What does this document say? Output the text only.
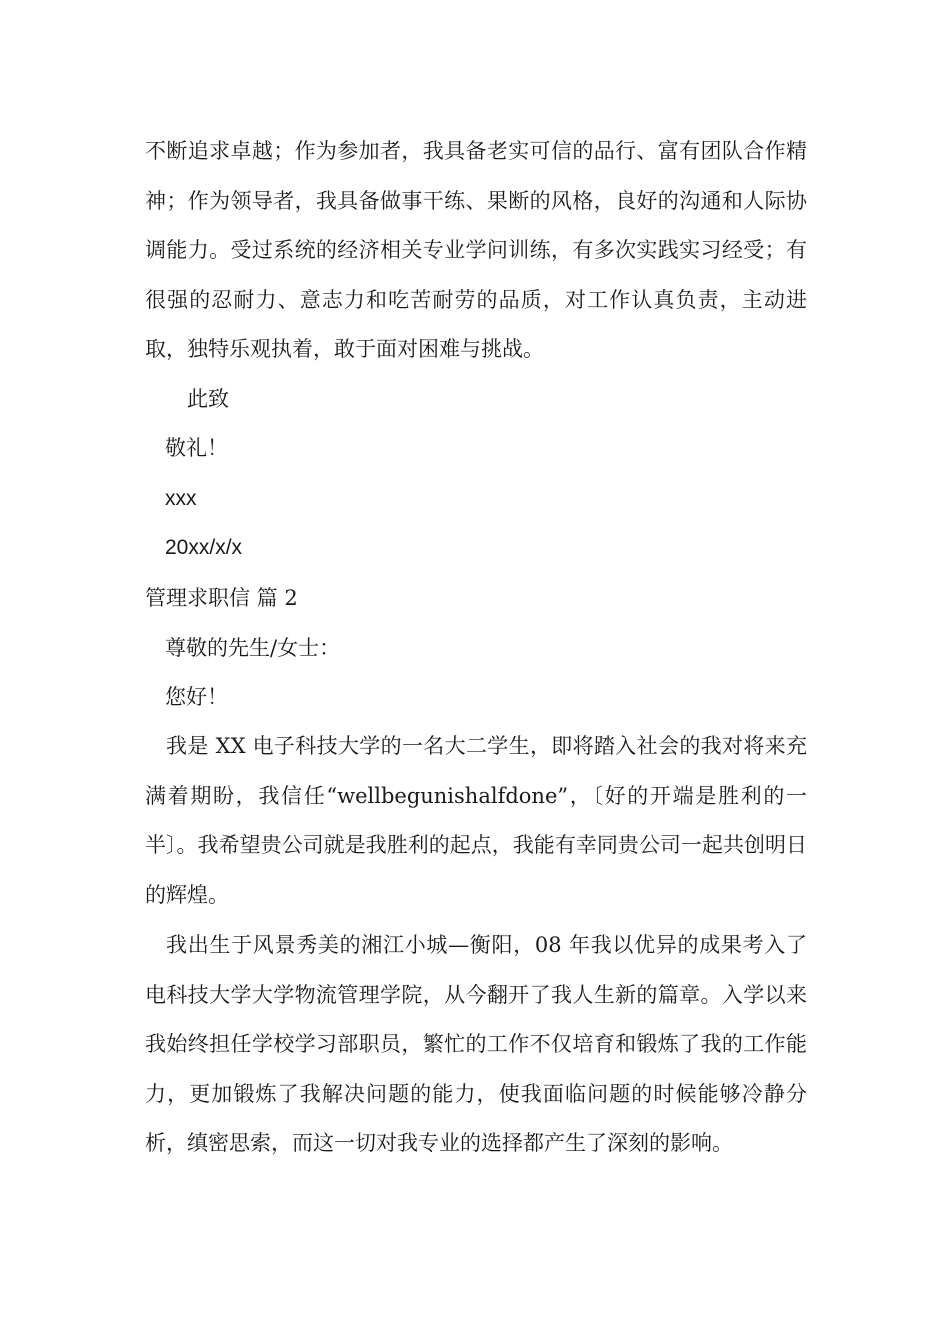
不断追求卓越；作为参加者，我具备老实可信的品行、富有团队合作精神；作为领导者，我具备做事干练、果断的风格，良好的沟通和人际协调能力。受过系统的经济相关专业学问训练，有多次实践实习经受；有很强的忍耐力、意志力和吃苦耐劳的品质，对工作认真负责，主动进取，独特乐观执着，敢于面对困难与挑战。

此致

敬礼！

xxx

20xx/x/x

管理求职信 篇 2

尊敬的先生/女士：

您好！

我是 XX 电子科技大学的一名大二学生，即将踏入社会的我对将来充满着期盼，我信任“wellbegunishalfdone”，〔好的开端是胜利的一半〕。我希望贵公司就是我胜利的起点，我能有幸同贵公司一起共创明日的辉煌。

我出生于风景秀美的湘江小城—衡阳，08 年我以优异的成果考入了电科技大学大学物流管理学院，从今翻开了我人生新的篇章。入学以来我始终担任学校学习部职员，繁忙的工作不仅培育和锻炼了我的工作能力，更加锻炼了我解决问题的能力，使我面临问题的时候能够冷静分析，缜密思索，而这一切对我专业的选择都产生了深刻的影响。
